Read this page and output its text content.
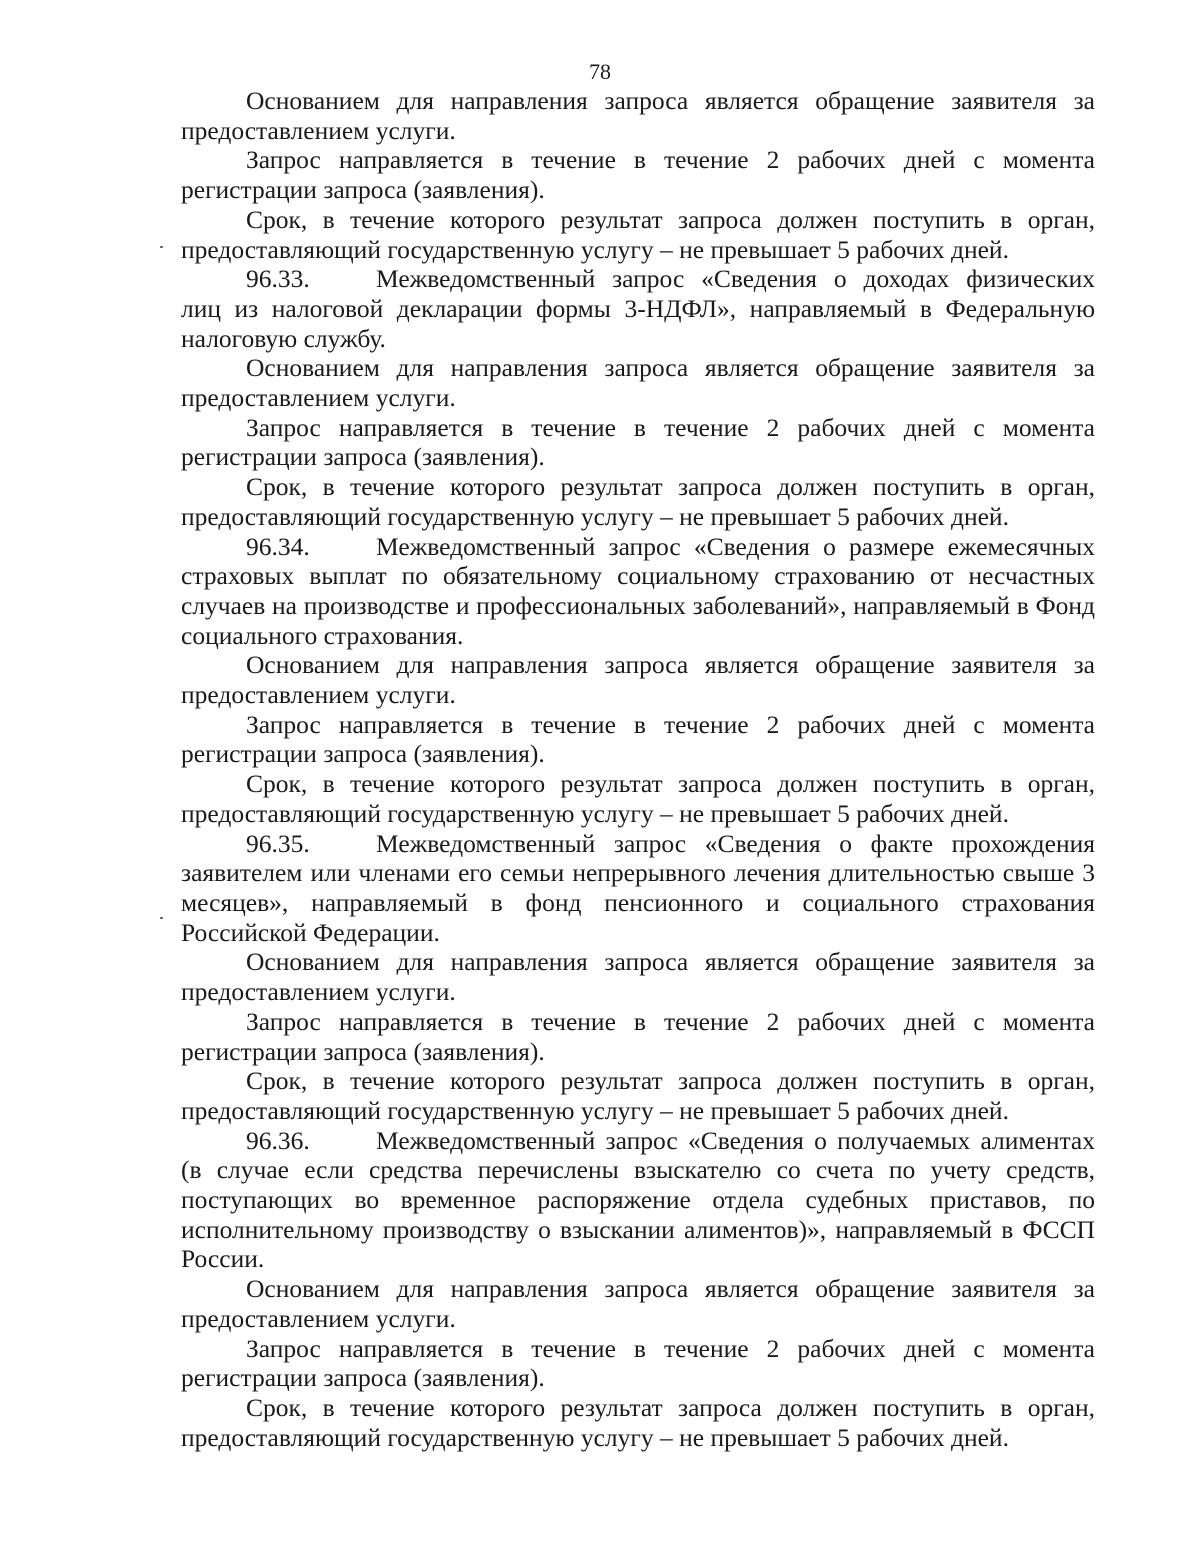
78

Основанием для направления запроса является обращение заявителя за предоставлением услуги.

Запрос направляется в течение в течение 2 рабочих дней с момента регистрации запроса (заявления).

Срок, в течение которого результат запроса должен поступить в орган, предоставляющий государственную услугу – не превышает 5 рабочих дней.

96.33.	Межведомственный запрос «Сведения о доходах физических

лиц из налоговой декларации формы 3-НДФЛ», направляемый в Федеральную налоговую службу.

Основанием для направления запроса является обращение заявителя за предоставлением услуги.

Запрос направляется в течение в течение 2 рабочих дней с момента регистрации запроса (заявления).

Срок, в течение которого результат запроса должен поступить в орган, предоставляющий государственную услугу – не превышает 5 рабочих дней.

96.34.	Межведомственный запрос «Сведения о размере ежемесячных

страховых выплат по обязательному социальному страхованию от несчастных случаев на производстве и профессиональных заболеваний», направляемый в Фонд социального страхования.

Основанием для направления запроса является обращение заявителя за предоставлением услуги.

Запрос направляется в течение в течение 2 рабочих дней с момента регистрации запроса (заявления).

Срок, в течение которого результат запроса должен поступить в орган, предоставляющий государственную услугу – не превышает 5 рабочих дней.

96.35.	Межведомственный запрос «Сведения о факте прохождения

заявителем или членами его семьи непрерывного лечения длительностью свыше 3 месяцев», направляемый в фонд пенсионного и социального страхования Российской Федерации.

Основанием для направления запроса является обращение заявителя за предоставлением услуги.

Запрос направляется в течение в течение 2 рабочих дней с момента регистрации запроса (заявления).

Срок, в течение которого результат запроса должен поступить в орган, предоставляющий государственную услугу – не превышает 5 рабочих дней.

96.36.	Межведомственный запрос «Сведения о получаемых алиментах

(в случае если средства перечислены взыскателю со счета по учету средств, поступающих во временное распоряжение отдела судебных приставов, по исполнительному производству о взыскании алиментов)», направляемый в ФССП России.

Основанием для направления запроса является обращение заявителя за предоставлением услуги.

Запрос направляется в течение в течение 2 рабочих дней с момента регистрации запроса (заявления).

Срок, в течение которого результат запроса должен поступить в орган, предоставляющий государственную услугу – не превышает 5 рабочих дней.
